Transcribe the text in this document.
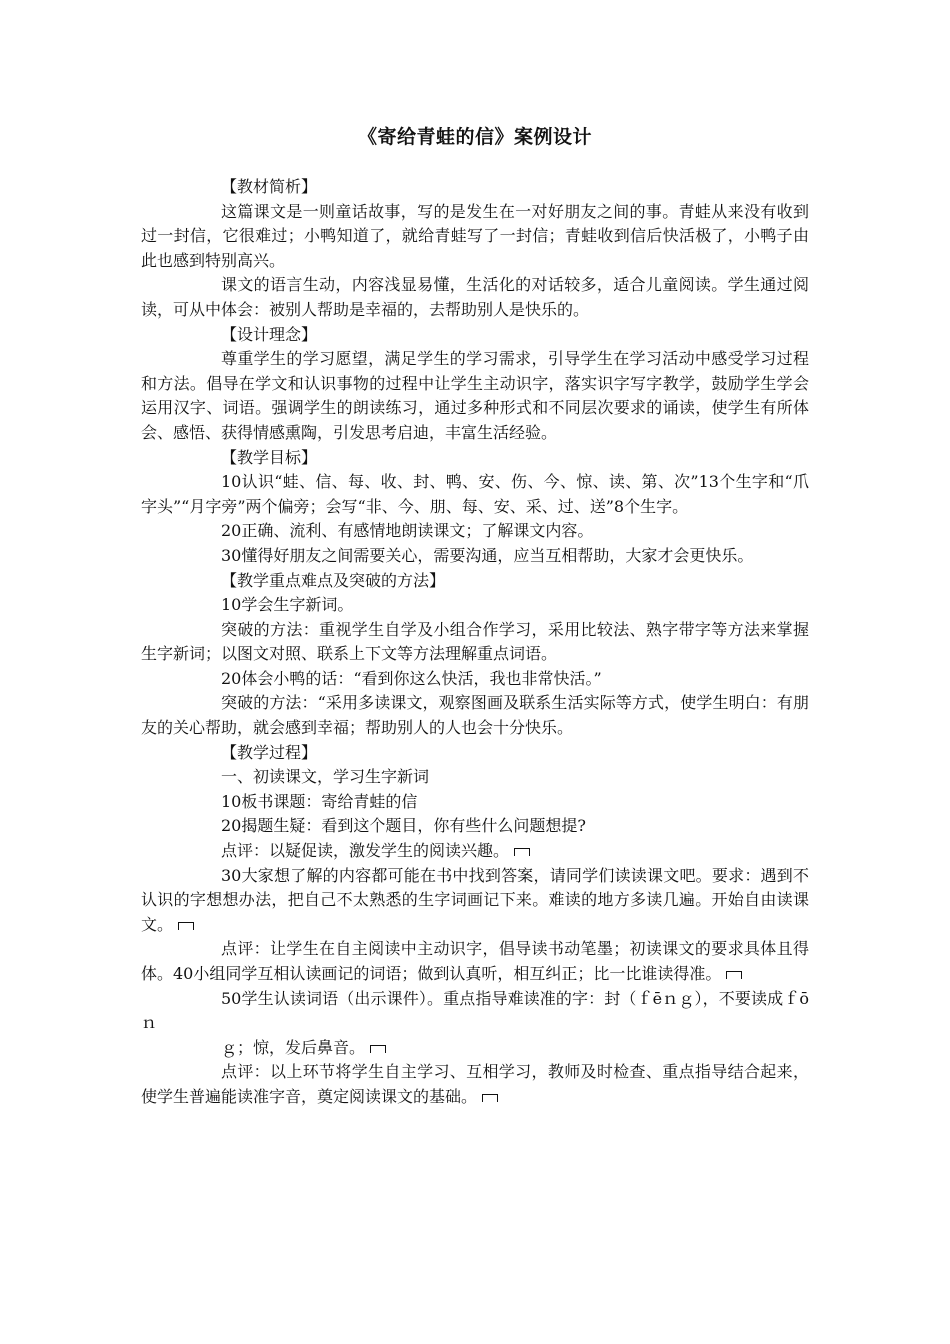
《寄给青蛙的信》案例设计

【教材简析】

这篇课文是一则童话故事，写的是发生在一对好朋友之间的事。青蛙从来没有收到过一封信，它很难过；小鸭知道了，就给青蛙写了一封信；青蛙收到信后快活极了，小鸭子由此也感到特别高兴。

课文的语言生动，内容浅显易懂，生活化的对话较多，适合儿童阅读。学生通过阅读，可从中体会：被别人帮助是幸福的，去帮助别人是快乐的。

【设计理念】

尊重学生的学习愿望，满足学生的学习需求，引导学生在学习活动中感受学习过程和方法。倡导在学文和认识事物的过程中让学生主动识字，落实识字写字教学，鼓励学生学会运用汉字、词语。强调学生的朗读练习，通过多种形式和不同层次要求的诵读，使学生有所体会、感悟、获得情感熏陶，引发思考启迪，丰富生活经验。

【教学目标】

10认识“蛙、信、每、收、封、鸭、安、伤、今、惊、读、第、次”13个生字和“爪字头”“月字旁”两个偏旁；会写“非、今、朋、每、安、采、过、送”8个生字。

20正确、流利、有感情地朗读课文；了解课文内容。

30懂得好朋友之间需要关心，需要沟通，应当互相帮助，大家才会更快乐。

【教学重点难点及突破的方法】

10学会生字新词。

突破的方法：重视学生自学及小组合作学习，采用比较法、熟字带字等方法来掌握生字新词；以图文对照、联系上下文等方法理解重点词语。

20体会小鸭的话：“看到你这么快活，我也非常快活。”

突破的方法：“采用多读课文，观察图画及联系生活实际等方式，使学生明白：有朋友的关心帮助，就会感到幸福；帮助别人的人也会十分快乐。

【教学过程】

一、初读课文，学习生字新词

10板书课题：寄给青蛙的信

20揭题生疑：看到这个题目，你有些什么问题想提?

点评：以疑促读，激发学生的阅读兴趣。

30大家想了解的内容都可能在书中找到答案，请同学们读读课文吧。要求：遇到不认识的字想想办法，把自己不太熟悉的生字词画记下来。难读的地方多读几遍。开始自由读课文。

点评：让学生在自主阅读中主动识字，倡导读书动笔墨；初读课文的要求具体且得体。40小组同学互相认读画记的词语；做到认真听，相互纠正；比一比谁读得准。

50学生认读词语（出示课件）。重点指导难读准的字：封（ｆēｎｇ），不要读成ｆōｎ

ｇ；惊，发后鼻音。

点评：以上环节将学生自主学习、互相学习，教师及时检查、重点指导结合起来，使学生普遍能读准字音，奠定阅读课文的基础。
